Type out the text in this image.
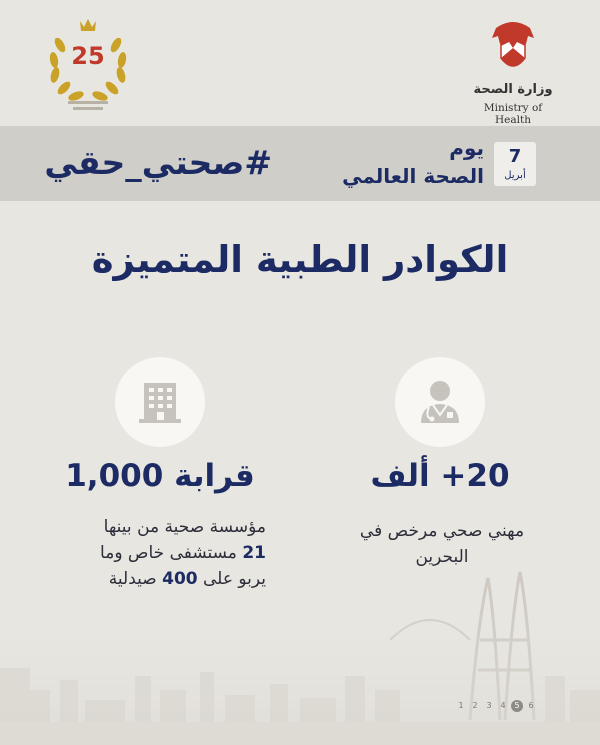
25
وزارة الصحة
Ministry of Health
#صحتي_حقي	يوم
الصحة العالمي
7
أبريل
الكوادر الطبية المتميزة
قرابة 1,000
مؤسسة صحية من بينها
21 مستشفى خاص وما
يربو على 400 صيدلية
20+ ألف
مهني صحي مرخص في
البحرين
1	2	3	4	5	6
